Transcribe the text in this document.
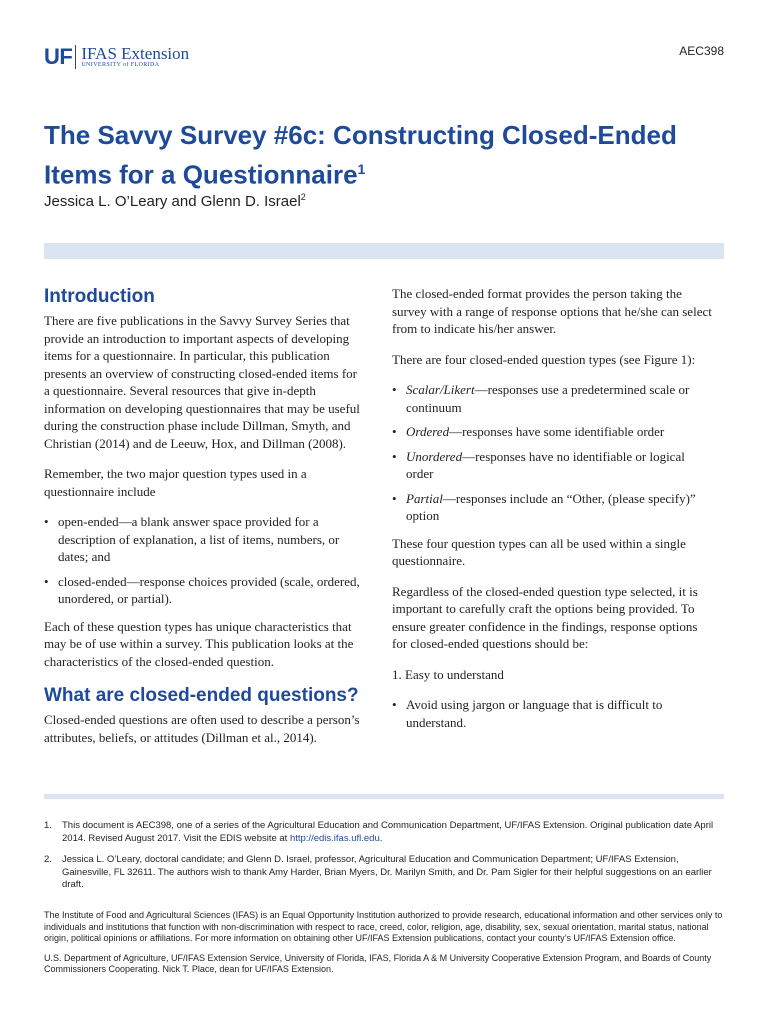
UF IFAS Extension
UNIVERSITY of FLORIDA
AEC398
The Savvy Survey #6c: Constructing Closed-Ended Items for a Questionnaire$^1$
Jessica L. O’Leary and Glenn D. Israel$^2$
Introduction

There are five publications in the Savvy Survey Series that provide an introduction to important aspects of developing items for a questionnaire. In particular, this publication presents an overview of constructing closed-ended items for a questionnaire. Several resources that give in-depth information on developing questionnaires that may be useful during the construction phase include Dillman, Smyth, and Christian (2014) and de Leeuw, Hox, and Dillman (2008).

Remember, the two major question types used in a questionnaire include

• open-ended—a blank answer space provided for a description of explanation, a list of items, numbers, or dates; and
• closed-ended—response choices provided (scale, ordered, unordered, or partial).

Each of these question types has unique characteristics that may be of use within a survey. This publication looks at the characteristics of the closed-ended question.

What are closed-ended questions?

Closed-ended questions are often used to describe a person’s attributes, beliefs, or attitudes (Dillman et al., 2014).

The closed-ended format provides the person taking the survey with a range of response options that he/she can select from to indicate his/her answer.

There are four closed-ended question types (see Figure 1):

• Scalar/Likert—responses use a predetermined scale or continuum
• Ordered—responses have some identifiable order
• Unordered—responses have no identifiable or logical order
• Partial—responses include an “Other, (please specify)” option

These four question types can all be used within a single questionnaire.

Regardless of the closed-ended question type selected, it is important to carefully craft the options being provided. To ensure greater confidence in the findings, response options for closed-ended questions should be:

1. Easy to understand

• Avoid using jargon or language that is difficult to understand.
1.	This document is AEC398, one of a series of the Agricultural Education and Communication Department, UF/IFAS Extension. Original publication date April 2014. Revised August 2017. Visit the EDIS website at http://edis.ifas.ufl.edu.
2.	Jessica L. O’Leary, doctoral candidate; and Glenn D. Israel, professor, Agricultural Education and Communication Department; UF/IFAS Extension, Gainesville, FL 32611. The authors wish to thank Amy Harder, Brian Myers, Dr. Marilyn Smith, and Dr. Pam Sigler for their helpful suggestions on an earlier draft.

The Institute of Food and Agricultural Sciences (IFAS) is an Equal Opportunity Institution authorized to provide research, educational information and other services only to individuals and institutions that function with non-discrimination with respect to race, creed, color, religion, age, disability, sex, sexual orientation, marital status, national origin, political opinions or affiliations. For more information on obtaining other UF/IFAS Extension publications, contact your county’s UF/IFAS Extension office.

U.S. Department of Agriculture, UF/IFAS Extension Service, University of Florida, IFAS, Florida A & M University Cooperative Extension Program, and Boards of County Commissioners Cooperating. Nick T. Place, dean for UF/IFAS Extension.
